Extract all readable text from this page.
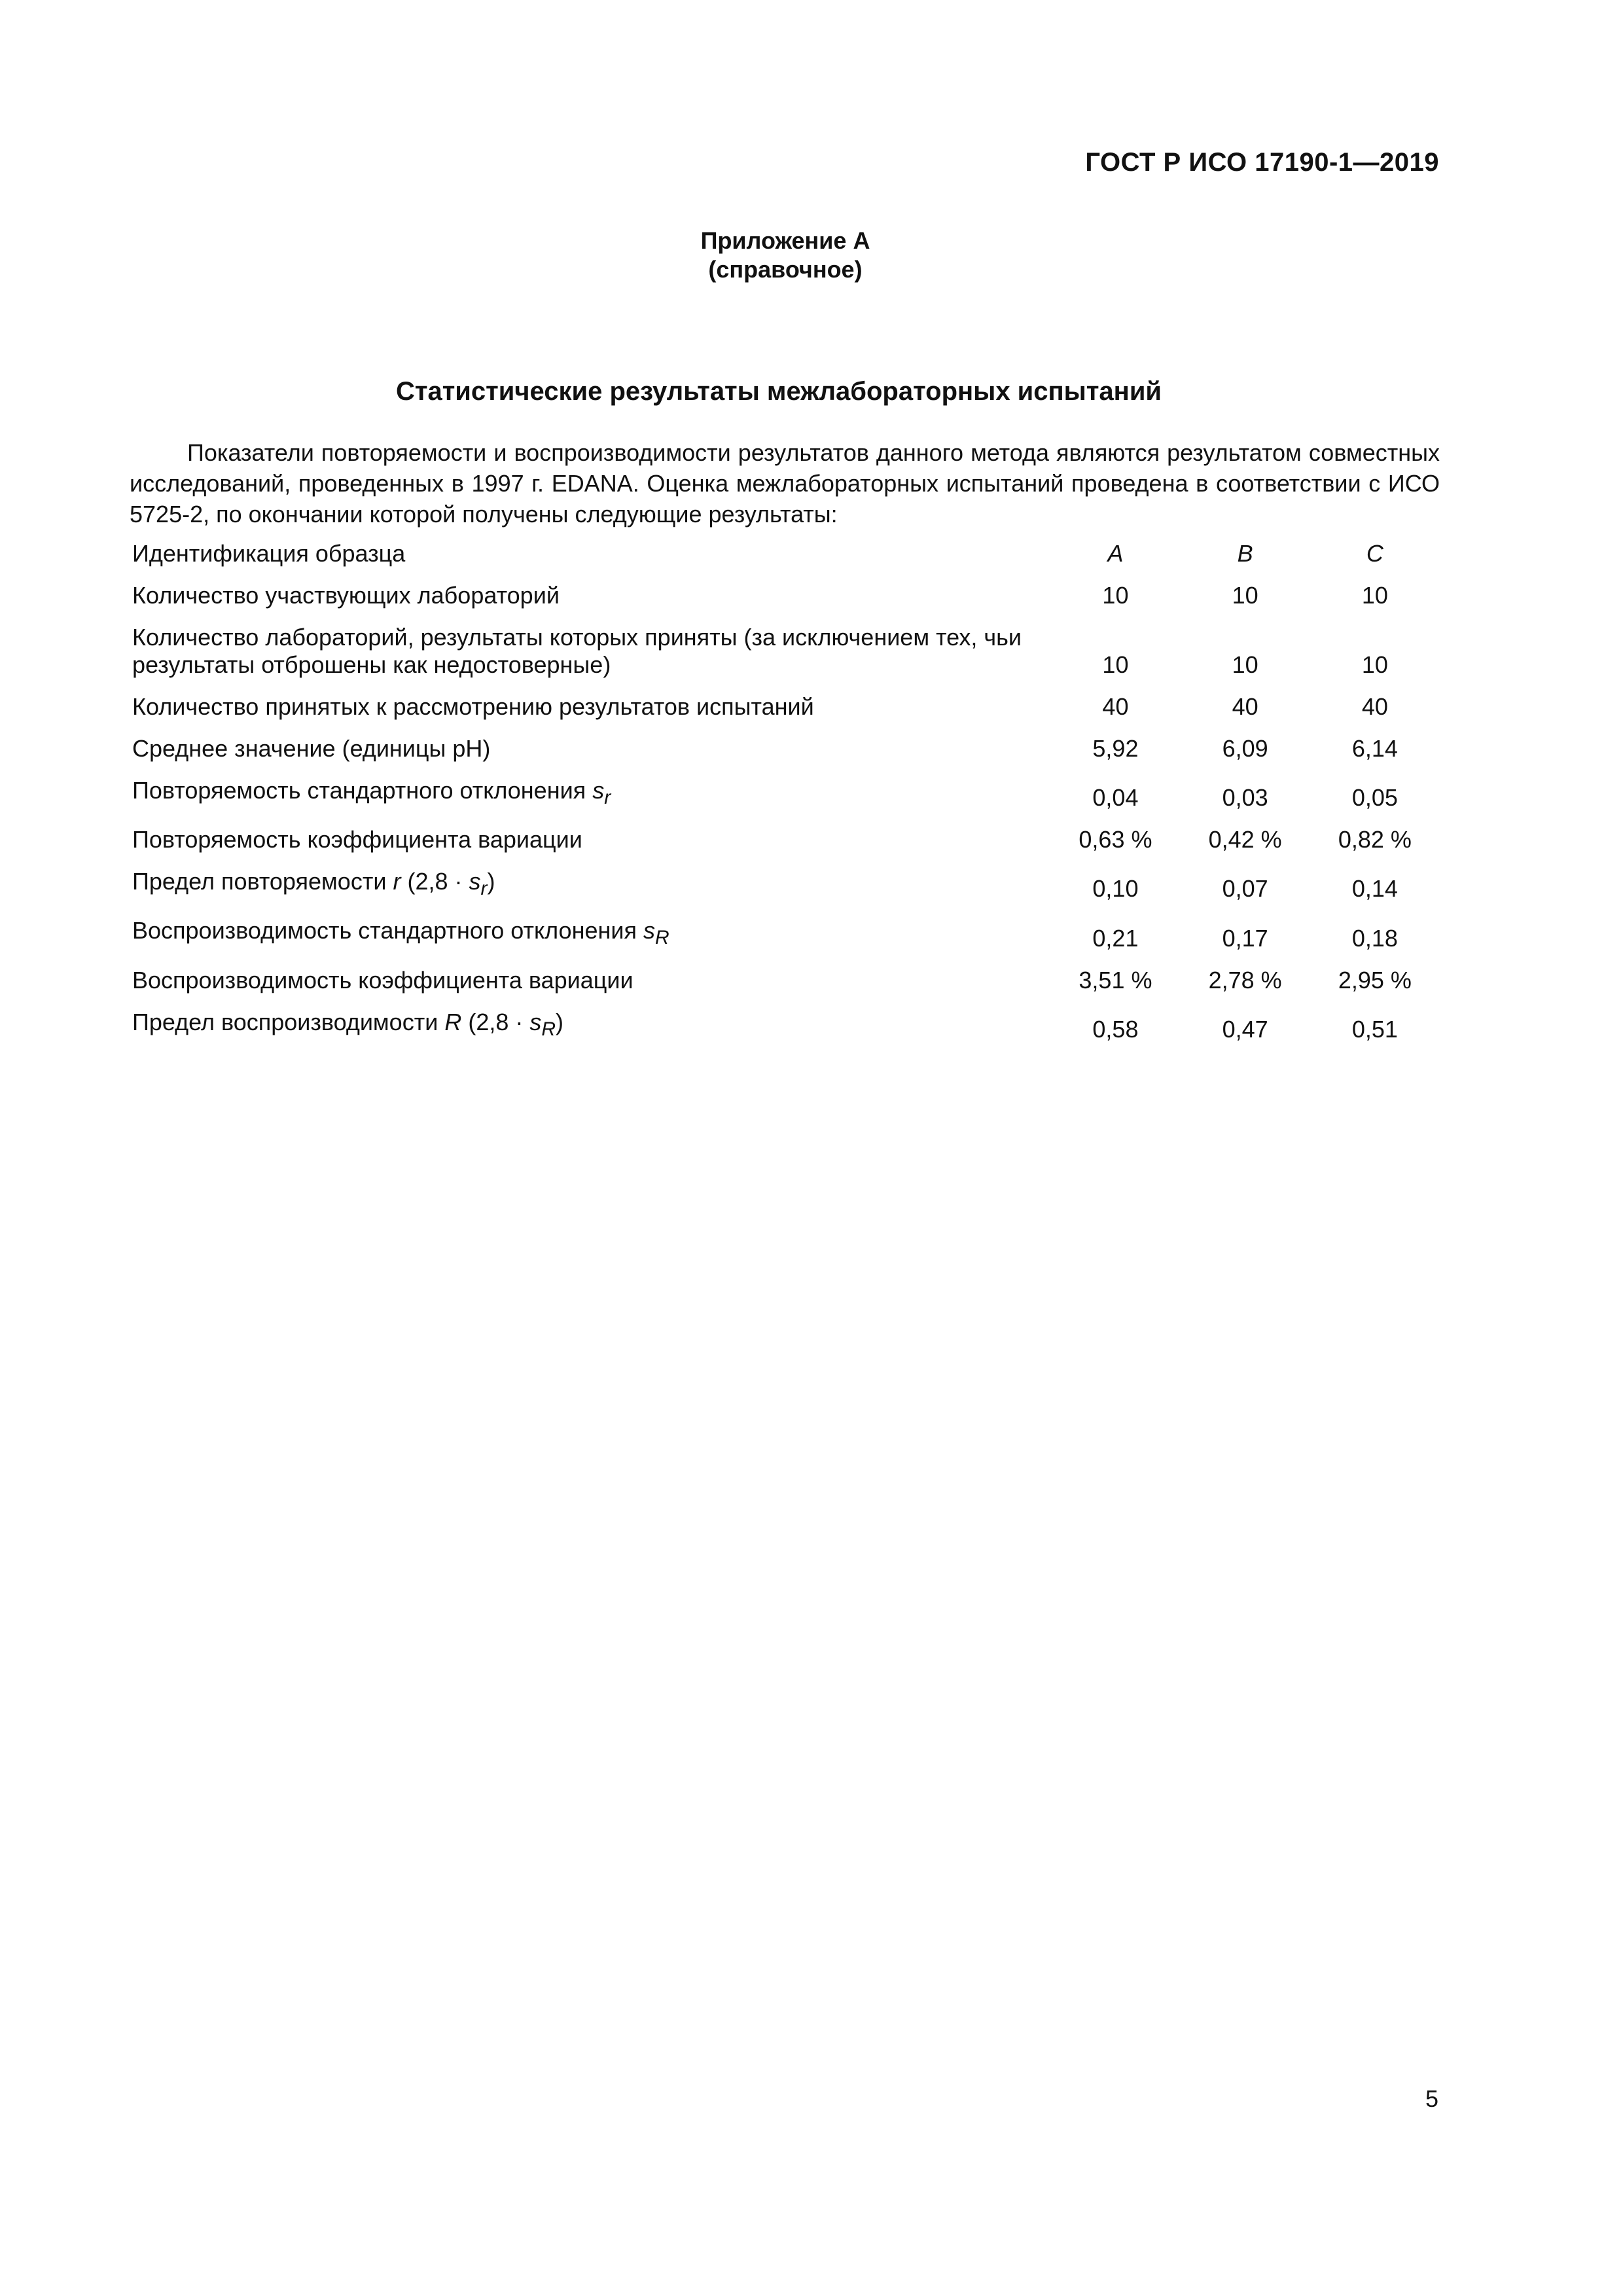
ГОСТ Р ИСО 17190-1—2019
Приложение А
(справочное)
Статистические результаты межлабораторных испытаний

Показатели повторяемости и воспроизводимости результатов данного метода являются результатом совместных исследований, проведенных в 1997 г. EDANA. Оценка межлабораторных испытаний проведена в соответствии с ИСО 5725-2, по окончании которой получены следующие результаты:

Идентификация образца	A	B	C
Количество участвующих лабораторий	10	10	10
Количество лабораторий, результаты которых приняты (за исключением тех, чьи результаты отброшены как недостоверные)	10	10	10
Количество принятых к рассмотрению результатов испытаний	40	40	40
Среднее значение (единицы pH)	5,92	6,09	6,14
Повторяемость стандартного отклонения $s_r$	0,04	0,03	0,05
Повторяемость коэффициента вариации	0,63 %	0,42 %	0,82 %
Предел повторяемости r $(2,8 \cdot s_r)$	0,10	0,07	0,14
Воспроизводимость стандартного отклонения $s_R$	0,21	0,17	0,18
Воспроизводимость коэффициента вариации	3,51 %	2,78 %	2,95 %
Предел воспроизводимости R $(2,8 \cdot s_R)$	0,58	0,47	0,51
5
